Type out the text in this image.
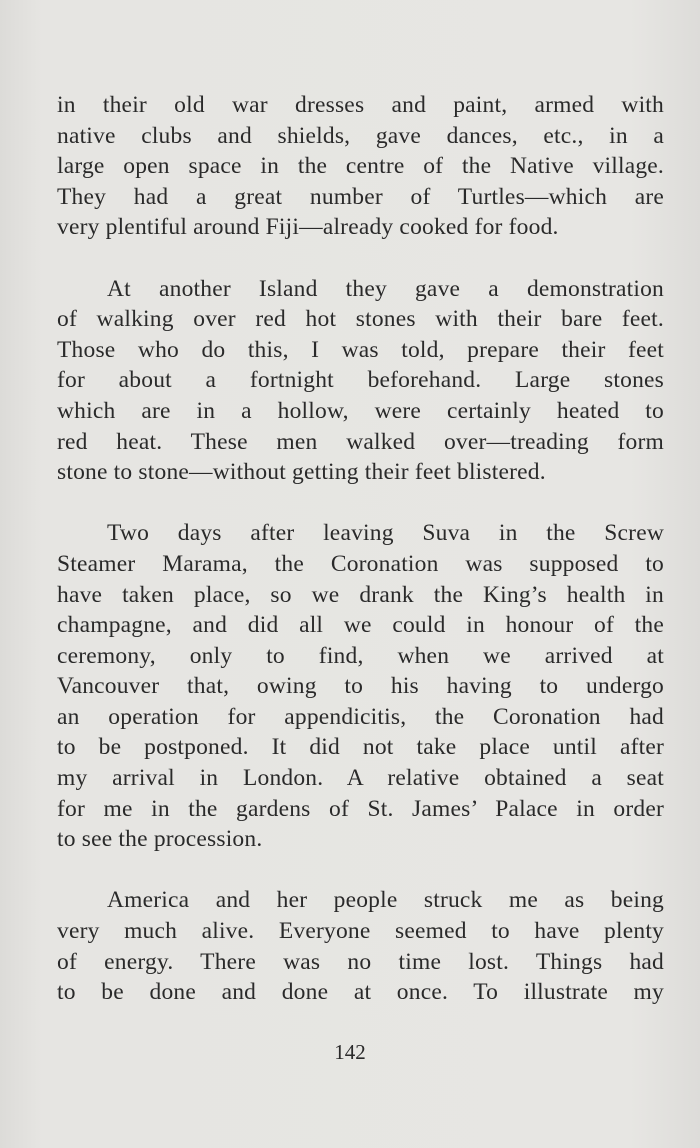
in their old war dresses and paint, armed with
native clubs and shields, gave dances, etc., in a
large open space in the centre of the Native village.
They had a great number of Turtles—which are
very plentiful around Fiji—already cooked for food.
At another Island they gave a demonstration
of walking over red hot stones with their bare feet.
Those who do this, I was told, prepare their feet
for about a fortnight beforehand. Large stones
which are in a hollow, were certainly heated to
red heat. These men walked over—treading form
stone to stone—without getting their feet blistered.
Two days after leaving Suva in the Screw
Steamer Marama, the Coronation was supposed to
have taken place, so we drank the King’s health in
champagne, and did all we could in honour of the
ceremony, only to find, when we arrived at
Vancouver that, owing to his having to undergo
an operation for appendicitis, the Coronation had
to be postponed. It did not take place until after
my arrival in London. A relative obtained a seat
for me in the gardens of St. James’ Palace in order
to see the procession.
America and her people struck me as being
very much alive. Everyone seemed to have plenty
of energy. There was no time lost. Things had
to be done and done at once. To illustrate my
142
